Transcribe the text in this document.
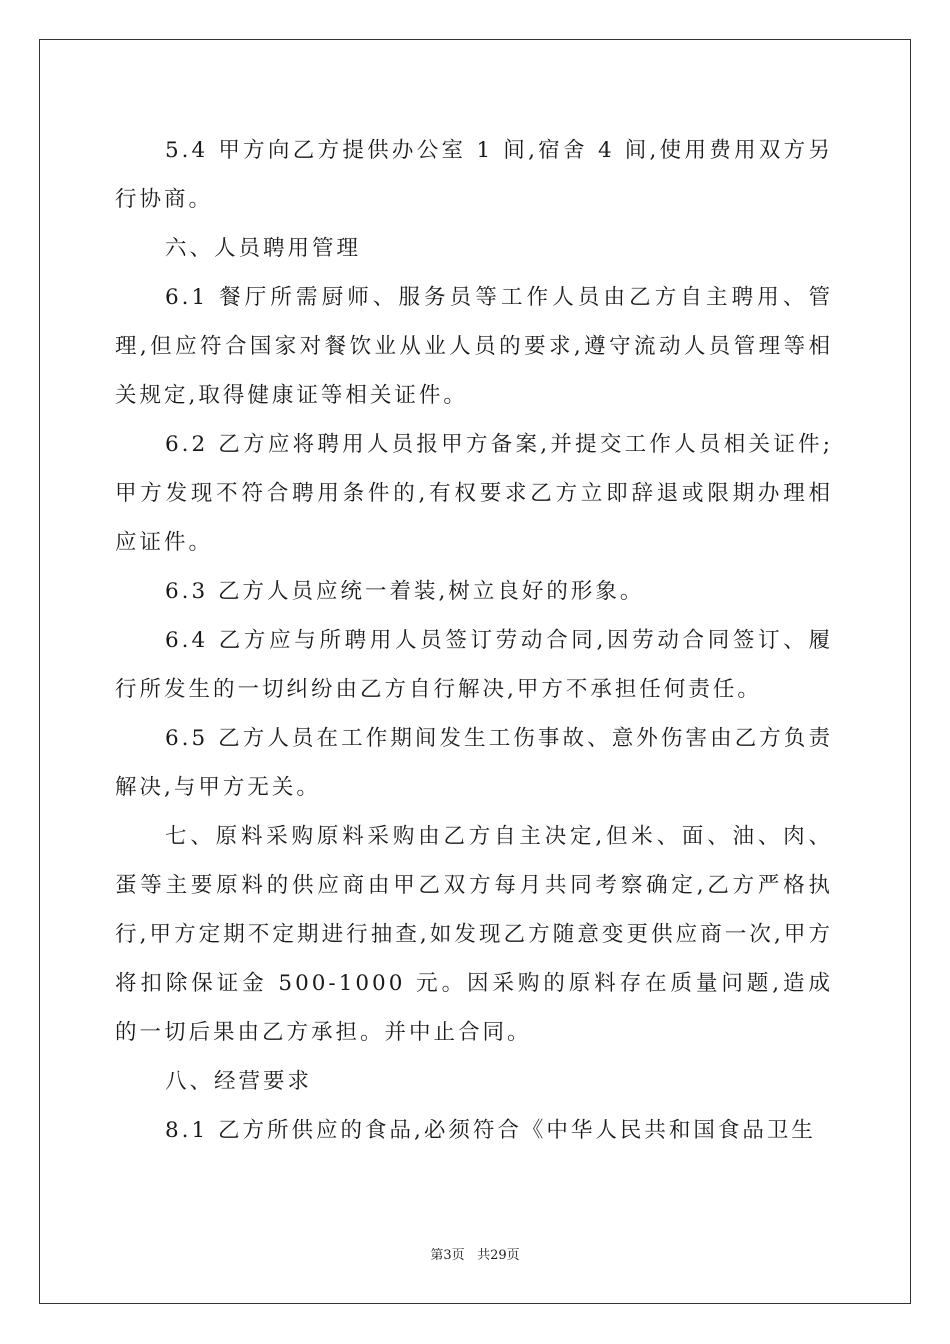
5.4 甲方向乙方提供办公室 1 间,宿舍 4 间,使用费用双方另行协商。

六、人员聘用管理

6.1 餐厅所需厨师、服务员等工作人员由乙方自主聘用、管理,但应符合国家对餐饮业从业人员的要求,遵守流动人员管理等相关规定,取得健康证等相关证件。

6.2 乙方应将聘用人员报甲方备案,并提交工作人员相关证件;甲方发现不符合聘用条件的,有权要求乙方立即辞退或限期办理相应证件。

6.3 乙方人员应统一着装,树立良好的形象。

6.4 乙方应与所聘用人员签订劳动合同,因劳动合同签订、履行所发生的一切纠纷由乙方自行解决,甲方不承担任何责任。

6.5 乙方人员在工作期间发生工伤事故、意外伤害由乙方负责解决,与甲方无关。

七、原料采购原料采购由乙方自主决定,但米、面、油、肉、蛋等主要原料的供应商由甲乙双方每月共同考察确定,乙方严格执行,甲方定期不定期进行抽查,如发现乙方随意变更供应商一次,甲方将扣除保证金 500-1000 元。因采购的原料存在质量问题,造成的一切后果由乙方承担。并中止合同。

八、经营要求

8.1 乙方所供应的食品,必须符合《中华人民共和国食品卫生

第3页 共29页
